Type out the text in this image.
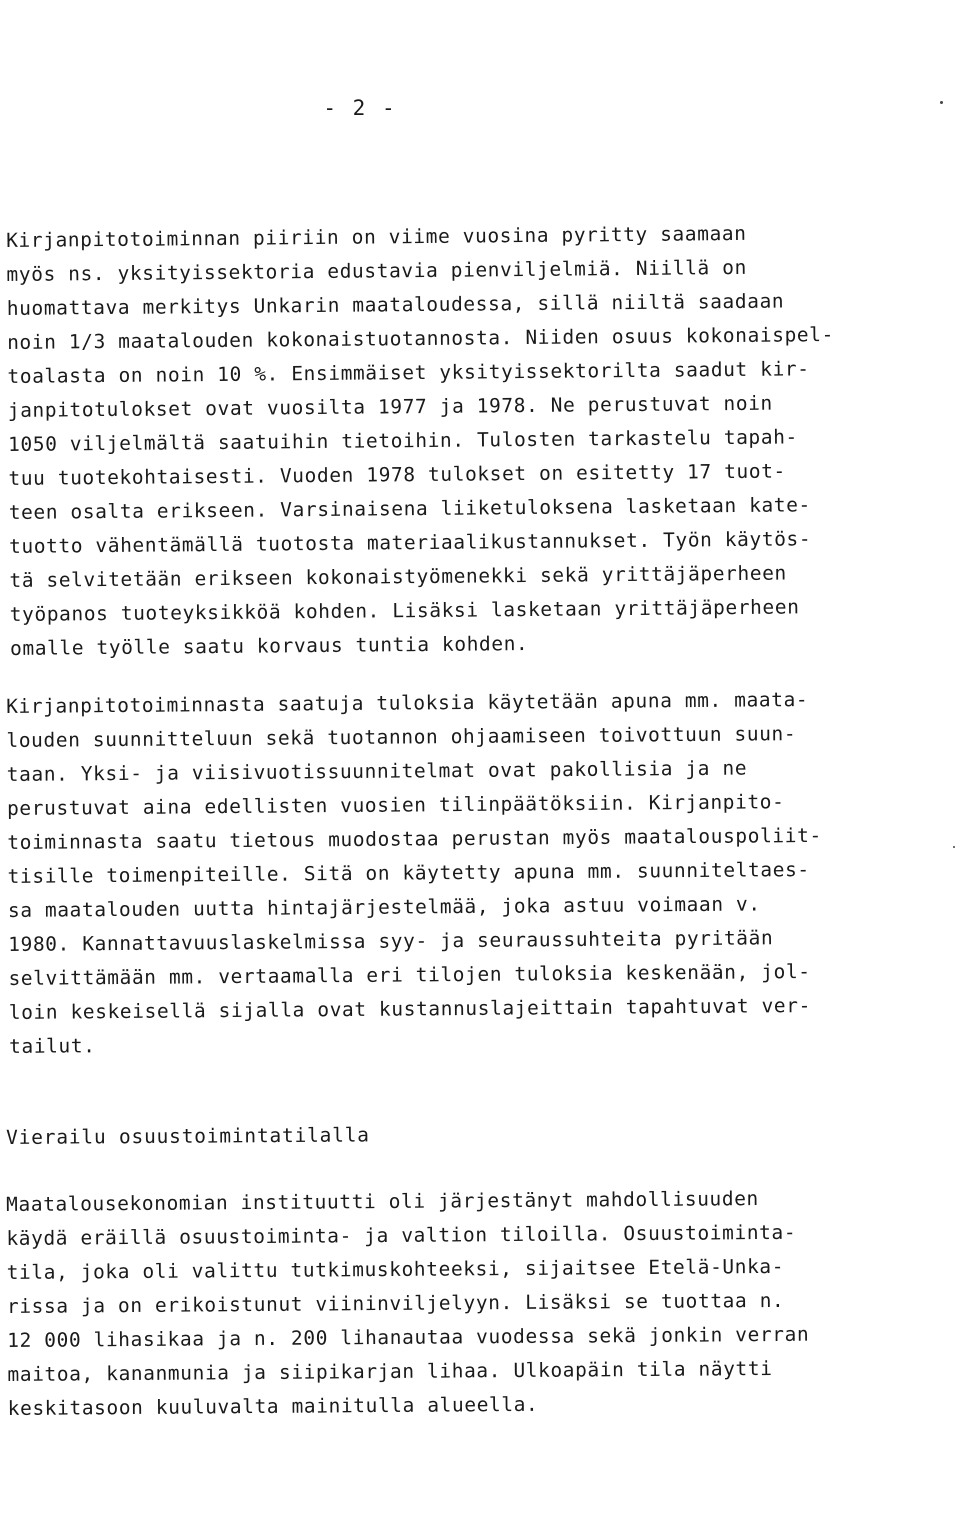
- 2 -
Kirjanpitotoiminnan piiriin on viime vuosina pyritty saamaan
myös ns. yksityissektoria edustavia pienviljelmiä. Niillä on
huomattava merkitys Unkarin maataloudessa, sillä niiltä saadaan
noin 1/3 maatalouden kokonaistuotannosta. Niiden osuus kokonaispel-
toalasta on noin 10 %. Ensimmäiset yksityissektorilta saadut kir-
janpitotulokset ovat vuosilta 1977 ja 1978. Ne perustuvat noin
1050 viljelmältä saatuihin tietoihin. Tulosten tarkastelu tapah-
tuu tuotekohtaisesti. Vuoden 1978 tulokset on esitetty 17 tuot-
teen osalta erikseen. Varsinaisena liiketuloksena lasketaan kate-
tuotto vähentämällä tuotosta materiaalikustannukset. Työn käytös-
tä selvitetään erikseen kokonaistyömenekki sekä yrittäjäperheen
työpanos tuoteyksikköä kohden. Lisäksi lasketaan yrittäjäperheen
omalle työlle saatu korvaus tuntia kohden.
Kirjanpitotoiminnasta saatuja tuloksia käytetään apuna mm. maata-
louden suunnitteluun sekä tuotannon ohjaamiseen toivottuun suun-
taan. Yksi- ja viisivuotissuunnitelmat ovat pakollisia ja ne
perustuvat aina edellisten vuosien tilinpäätöksiin. Kirjanpito-
toiminnasta saatu tietous muodostaa perustan myös maatalouspoliit-
tisille toimenpiteille. Sitä on käytetty apuna mm. suunniteltaes-
sa maatalouden uutta hintajärjestelmää, joka astuu voimaan v.
1980. Kannattavuuslaskelmissa syy- ja seuraussuhteita pyritään
selvittämään mm. vertaamalla eri tilojen tuloksia keskenään, jol-
loin keskeisellä sijalla ovat kustannuslajeittain tapahtuvat ver-
tailut.
Vierailu osuustoimintatilalla
Maatalousekonomian instituutti oli järjestänyt mahdollisuuden
käydä eräillä osuustoiminta- ja valtion tiloilla. Osuustoiminta-
tila, joka oli valittu tutkimuskohteeksi, sijaitsee Etelä-Unka-
rissa ja on erikoistunut viininviljelyyn. Lisäksi se tuottaa n.
12 000 lihasikaa ja n. 200 lihanautaa vuodessa sekä jonkin verran
maitoa, kananmunia ja siipikarjan lihaa. Ulkoapäin tila näytti
keskitasoon kuuluvalta mainitulla alueella.
